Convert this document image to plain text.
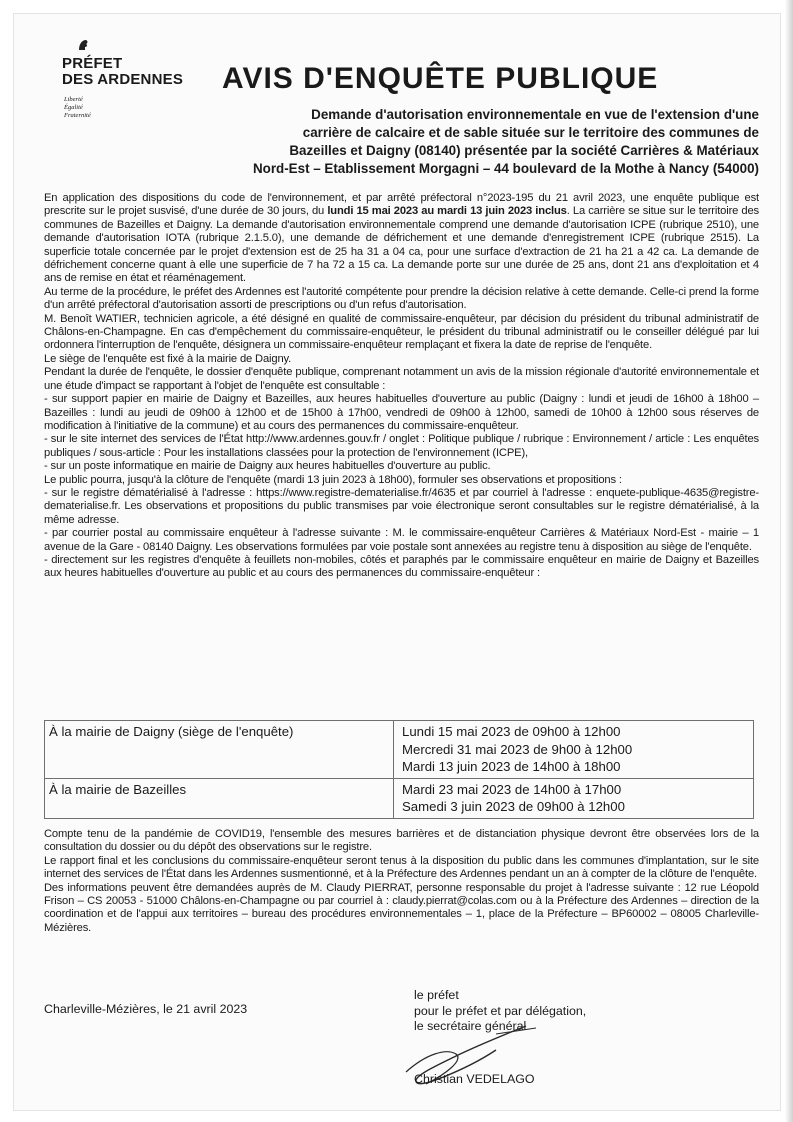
PRÉFET
DES ARDENNES
Liberté
Égalité
Fraternité
AVIS D'ENQUÊTE PUBLIQUE
Demande d'autorisation environnementale en vue de l'extension d'une
carrière de calcaire et de sable située sur le territoire des communes de
Bazeilles et Daigny (08140) présentée par la société Carrières & Matériaux
Nord-Est – Etablissement Morgagni – 44 boulevard de la Mothe à Nancy (54000)

En application des dispositions du code de l'environnement, et par arrêté préfectoral n°2023-195 du 21 avril 2023, une enquête publique est prescrite sur le projet susvisé, d'une durée de 30 jours, du lundi 15 mai 2023 au mardi 13 juin 2023 inclus. La carrière se situe sur le territoire des communes de Bazeilles et Daigny. La demande d'autorisation environnementale comprend une demande d'autorisation ICPE (rubrique 2510), une demande d'autorisation IOTA (rubrique 2.1.5.0), une demande de défrichement et une demande d'enregistrement ICPE (rubrique 2515). La superficie totale concernée par le projet d'extension est de 25 ha 31 a 04 ca, pour une surface d'extraction de 21 ha 21 a 42 ca. La demande de défrichement concerne quant à elle une superficie de 7 ha 72 a 15 ca. La demande porte sur une durée de 25 ans, dont 21 ans d'exploitation et 4 ans de remise en état et réaménagement.

Au terme de la procédure, le préfet des Ardennes est l'autorité compétente pour prendre la décision relative à cette demande. Celle-ci prend la forme d'un arrêté préfectoral d'autorisation assorti de prescriptions ou d'un refus d'autorisation.

M. Benoît WATIER, technicien agricole, a été désigné en qualité de commissaire-enquêteur, par décision du président du tribunal administratif de Châlons-en-Champagne. En cas d'empêchement du commissaire-enquêteur, le président du tribunal administratif ou le conseiller délégué par lui ordonnera l'interruption de l'enquête, désignera un commissaire-enquêteur remplaçant et fixera la date de reprise de l'enquête.

Le siège de l'enquête est fixé à la mairie de Daigny.

Pendant la durée de l'enquête, le dossier d'enquête publique, comprenant notamment un avis de la mission régionale d'autorité environnementale et une étude d'impact se rapportant à l'objet de l'enquête est consultable :

- sur support papier en mairie de Daigny et Bazeilles, aux heures habituelles d'ouverture au public (Daigny : lundi et jeudi de 16h00 à 18h00 – Bazeilles : lundi au jeudi de 09h00 à 12h00 et de 15h00 à 17h00, vendredi de 09h00 à 12h00, samedi de 10h00 à 12h00 sous réserves de modification à l'initiative de la commune) et au cours des permanences du commissaire-enquêteur.

- sur le site internet des services de l'État http://www.ardennes.gouv.fr / onglet : Politique publique / rubrique : Environnement / article : Les enquêtes publiques / sous-article : Pour les installations classées pour la protection de l'environnement (ICPE),

- sur un poste informatique en mairie de Daigny aux heures habituelles d'ouverture au public.

Le public pourra, jusqu'à la clôture de l'enquête (mardi 13 juin 2023 à 18h00), formuler ses observations et propositions :

- sur le registre dématérialisé à l'adresse : https://www.registre-dematerialise.fr/4635 et par courriel à l'adresse : enquete-publique-4635@registre-dematerialise.fr. Les observations et propositions du public transmises par voie électronique seront consultables sur le registre dématérialisé, à la même adresse.

- par courrier postal au commissaire enquêteur à l'adresse suivante : M. le commissaire-enquêteur Carrières & Matériaux Nord-Est - mairie – 1 avenue de la Gare - 08140 Daigny. Les observations formulées par voie postale sont annexées au registre tenu à disposition au siège de l'enquête.

- directement sur les registres d'enquête à feuillets non-mobiles, côtés et paraphés par le commissaire enquêteur en mairie de Daigny et Bazeilles aux heures habituelles d'ouverture au public et au cours des permanences du commissaire-enquêteur :

À la mairie de Daigny (siège de l'enquête)	Lundi 15 mai 2023 de 09h00 à 12h00
Mercredi 31 mai 2023 de 9h00 à 12h00
Mardi 13 juin 2023 de 14h00 à 18h00

À la mairie de Bazeilles	Mardi 23 mai 2023 de 14h00 à 17h00
Samedi 3 juin 2023 de 09h00 à 12h00

Compte tenu de la pandémie de COVID19, l'ensemble des mesures barrières et de distanciation physique devront être observées lors de la consultation du dossier ou du dépôt des observations sur le registre.

Le rapport final et les conclusions du commissaire-enquêteur seront tenus à la disposition du public dans les communes d'implantation, sur le site internet des services de l'État dans les Ardennes susmentionné, et à la Préfecture des Ardennes pendant un an à compter de la clôture de l'enquête.

Des informations peuvent être demandées auprès de M. Claudy PIERRAT, personne responsable du projet à l'adresse suivante : 12 rue Léopold Frison – CS 20053 - 51000 Châlons-en-Champagne ou par courriel à : claudy.pierrat@colas.com ou à la Préfecture des Ardennes – direction de la coordination et de l'appui aux territoires – bureau des procédures environnementales – 1, place de la Préfecture – BP60002 – 08005 Charleville-Mézières.

Charleville-Mézières, le 21 avril 2023
le préfet
pour le préfet et par délégation,
le secrétaire général
Christian VEDELAGO
